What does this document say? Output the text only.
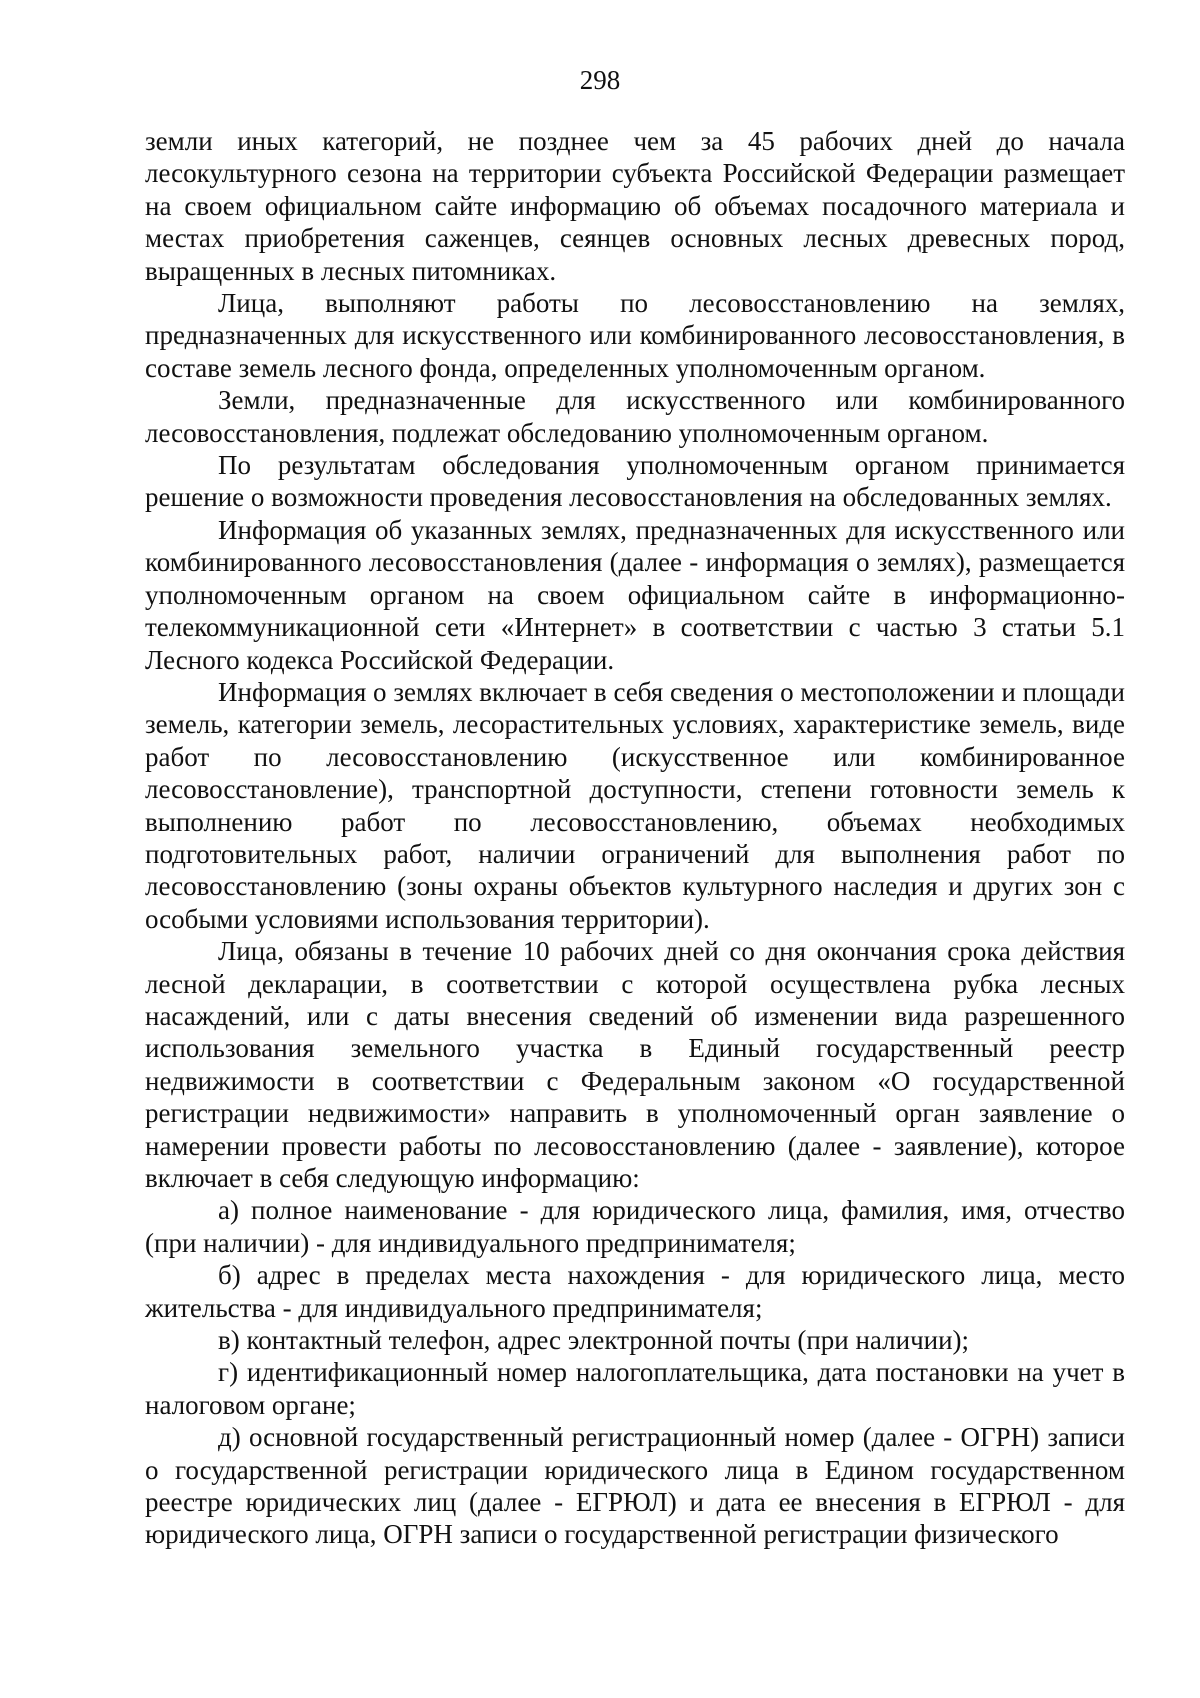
298

земли иных категорий, не позднее чем за 45 рабочих дней до начала лесокультурного сезона на территории субъекта Российской Федерации размещает на своем официальном сайте информацию об объемах посадочного материала и местах приобретения саженцев, сеянцев основных лесных древесных пород, выращенных в лесных питомниках.

Лица, выполняют работы по лесовосстановлению на землях, предназначенных для искусственного или комбинированного лесовосстановления, в составе земель лесного фонда, определенных уполномоченным органом.

Земли, предназначенные для искусственного или комбинированного лесовосстановления, подлежат обследованию уполномоченным органом.

По результатам обследования уполномоченным органом принимается решение о возможности проведения лесовосстановления на обследованных землях.

Информация об указанных землях, предназначенных для искусственного или комбинированного лесовосстановления (далее - информация о землях), размещается уполномоченным органом на своем официальном сайте в информационно-телекоммуникационной сети «Интернет» в соответствии с частью 3 статьи 5.1 Лесного кодекса Российской Федерации.

Информация о землях включает в себя сведения о местоположении и площади земель, категории земель, лесорастительных условиях, характеристике земель, виде работ по лесовосстановлению (искусственное или комбинированное лесовосстановление), транспортной доступности, степени готовности земель к выполнению работ по лесовосстановлению, объемах необходимых подготовительных работ, наличии ограничений для выполнения работ по лесовосстановлению (зоны охраны объектов культурного наследия и других зон с особыми условиями использования территории).

Лица, обязаны в течение 10 рабочих дней со дня окончания срока действия лесной декларации, в соответствии с которой осуществлена рубка лесных насаждений, или с даты внесения сведений об изменении вида разрешенного использования земельного участка в Единый государственный реестр недвижимости в соответствии с Федеральным законом «О государственной регистрации недвижимости» направить в уполномоченный орган заявление о намерении провести работы по лесовосстановлению (далее - заявление), которое включает в себя следующую информацию:

а) полное наименование - для юридического лица, фамилия, имя, отчество (при наличии) - для индивидуального предпринимателя;

б) адрес в пределах места нахождения - для юридического лица, место жительства - для индивидуального предпринимателя;

в) контактный телефон, адрес электронной почты (при наличии);

г) идентификационный номер налогоплательщика, дата постановки на учет в налоговом органе;

д) основной государственный регистрационный номер (далее - ОГРН) записи о государственной регистрации юридического лица в Едином государственном реестре юридических лиц (далее - ЕГРЮЛ) и дата ее внесения в ЕГРЮЛ - для юридического лица, ОГРН записи о государственной регистрации физического
